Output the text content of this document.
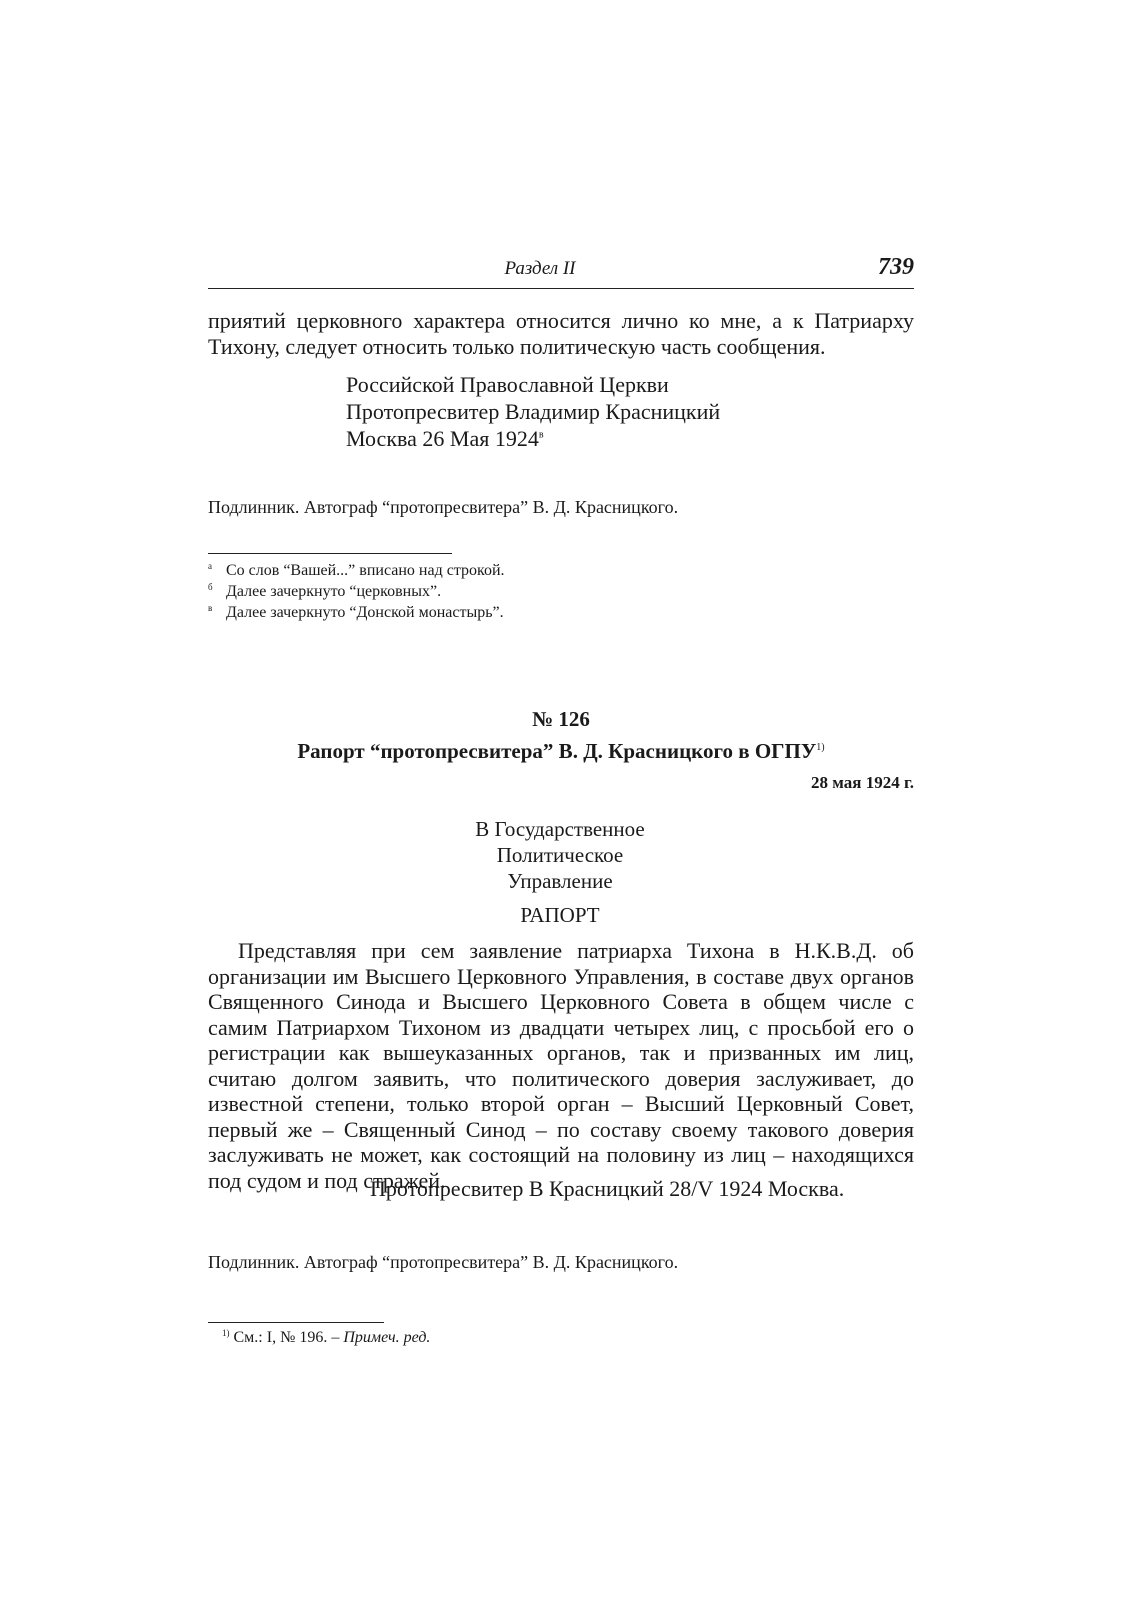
Раздел II	739
приятий церковного характера относится лично ко мне, а к Патриарху Тихону, следует относить только политическую часть сообщения.
Российской Православной Церкви
Протопресвитер Владимир Красницкий
Москва 26 Мая $1924^в$
Подлинник. Автограф “протопресвитера” В. Д. Красницкого.
а Со слов “Вашей...” вписано над строкой.
б Далее зачеркнуто “церковных”.
в Далее зачеркнуто “Донской монастырь”.
№ 126
Рапорт “протопресвитера” В. Д. Красницкого в ОГПУ$^{1)}$
28 мая 1924 г.
В Государственное
Политическое
Управление
РАПОРТ
Представляя при сем заявление патриарха Тихона в Н.К.В.Д. об организации им Высшего Церковного Управления, в составе двух органов Священного Синода и Высшего Церковного Совета в общем числе с самим Патриархом Тихоном из двадцати четырех лиц, с просьбой его о регистрации как вышеуказанных органов, так и призванных им лиц, считаю долгом заявить, что политического доверия заслуживает, до известной степени, только второй орган – Высший Церковный Совет, первый же – Священный Синод – по составу своему такового доверия заслуживать не может, как состоящий на половину из лиц – находящихся под судом и под стражей.
Протопресвитер В Красницкий 28/V 1924 Москва.
Подлинник. Автограф “протопресвитера” В. Д. Красницкого.
$^{1)}$ См.: I, № 196. – Примеч. ред.
